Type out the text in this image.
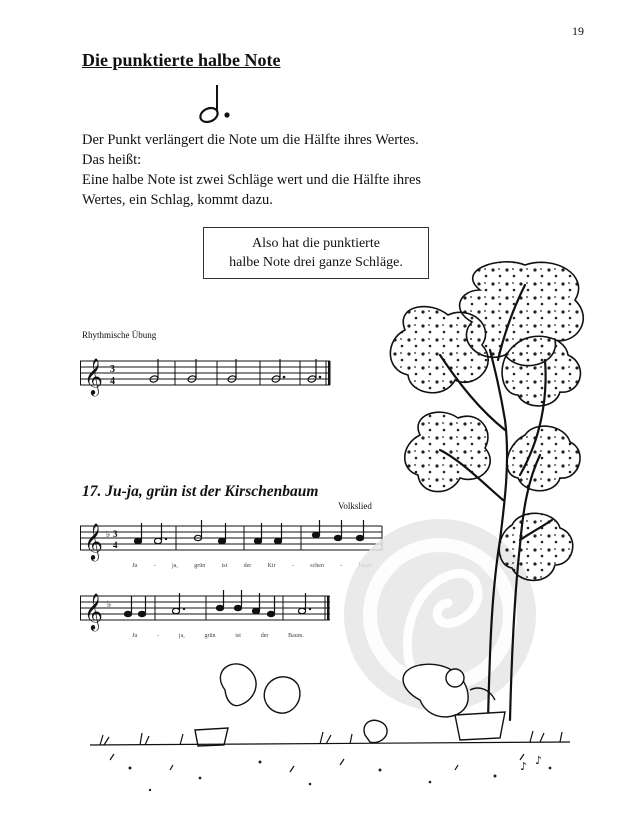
19
Die punktierte halbe Note
Der Punkt verlängert die Note um die Hälfte ihres Wertes.
Das heißt:
Eine halbe Note ist zwei Schläge wert und die Hälfte ihres
Wertes, ein Schlag, kommt dazu.
Also hat die punktierte
halbe Note drei ganze Schläge.
Rhythmische Übung
𝄞 3
4
17. Ju-ja, grün ist der Kirschenbaum
Volkslied
𝄞 ♭ 3
4
Ju	-	ja,	grün	ist	der	Kir	-	schen	-
𝄞 ♭
Ju	-	ja,	grün	ist	der	Baum.
♪ ♪
